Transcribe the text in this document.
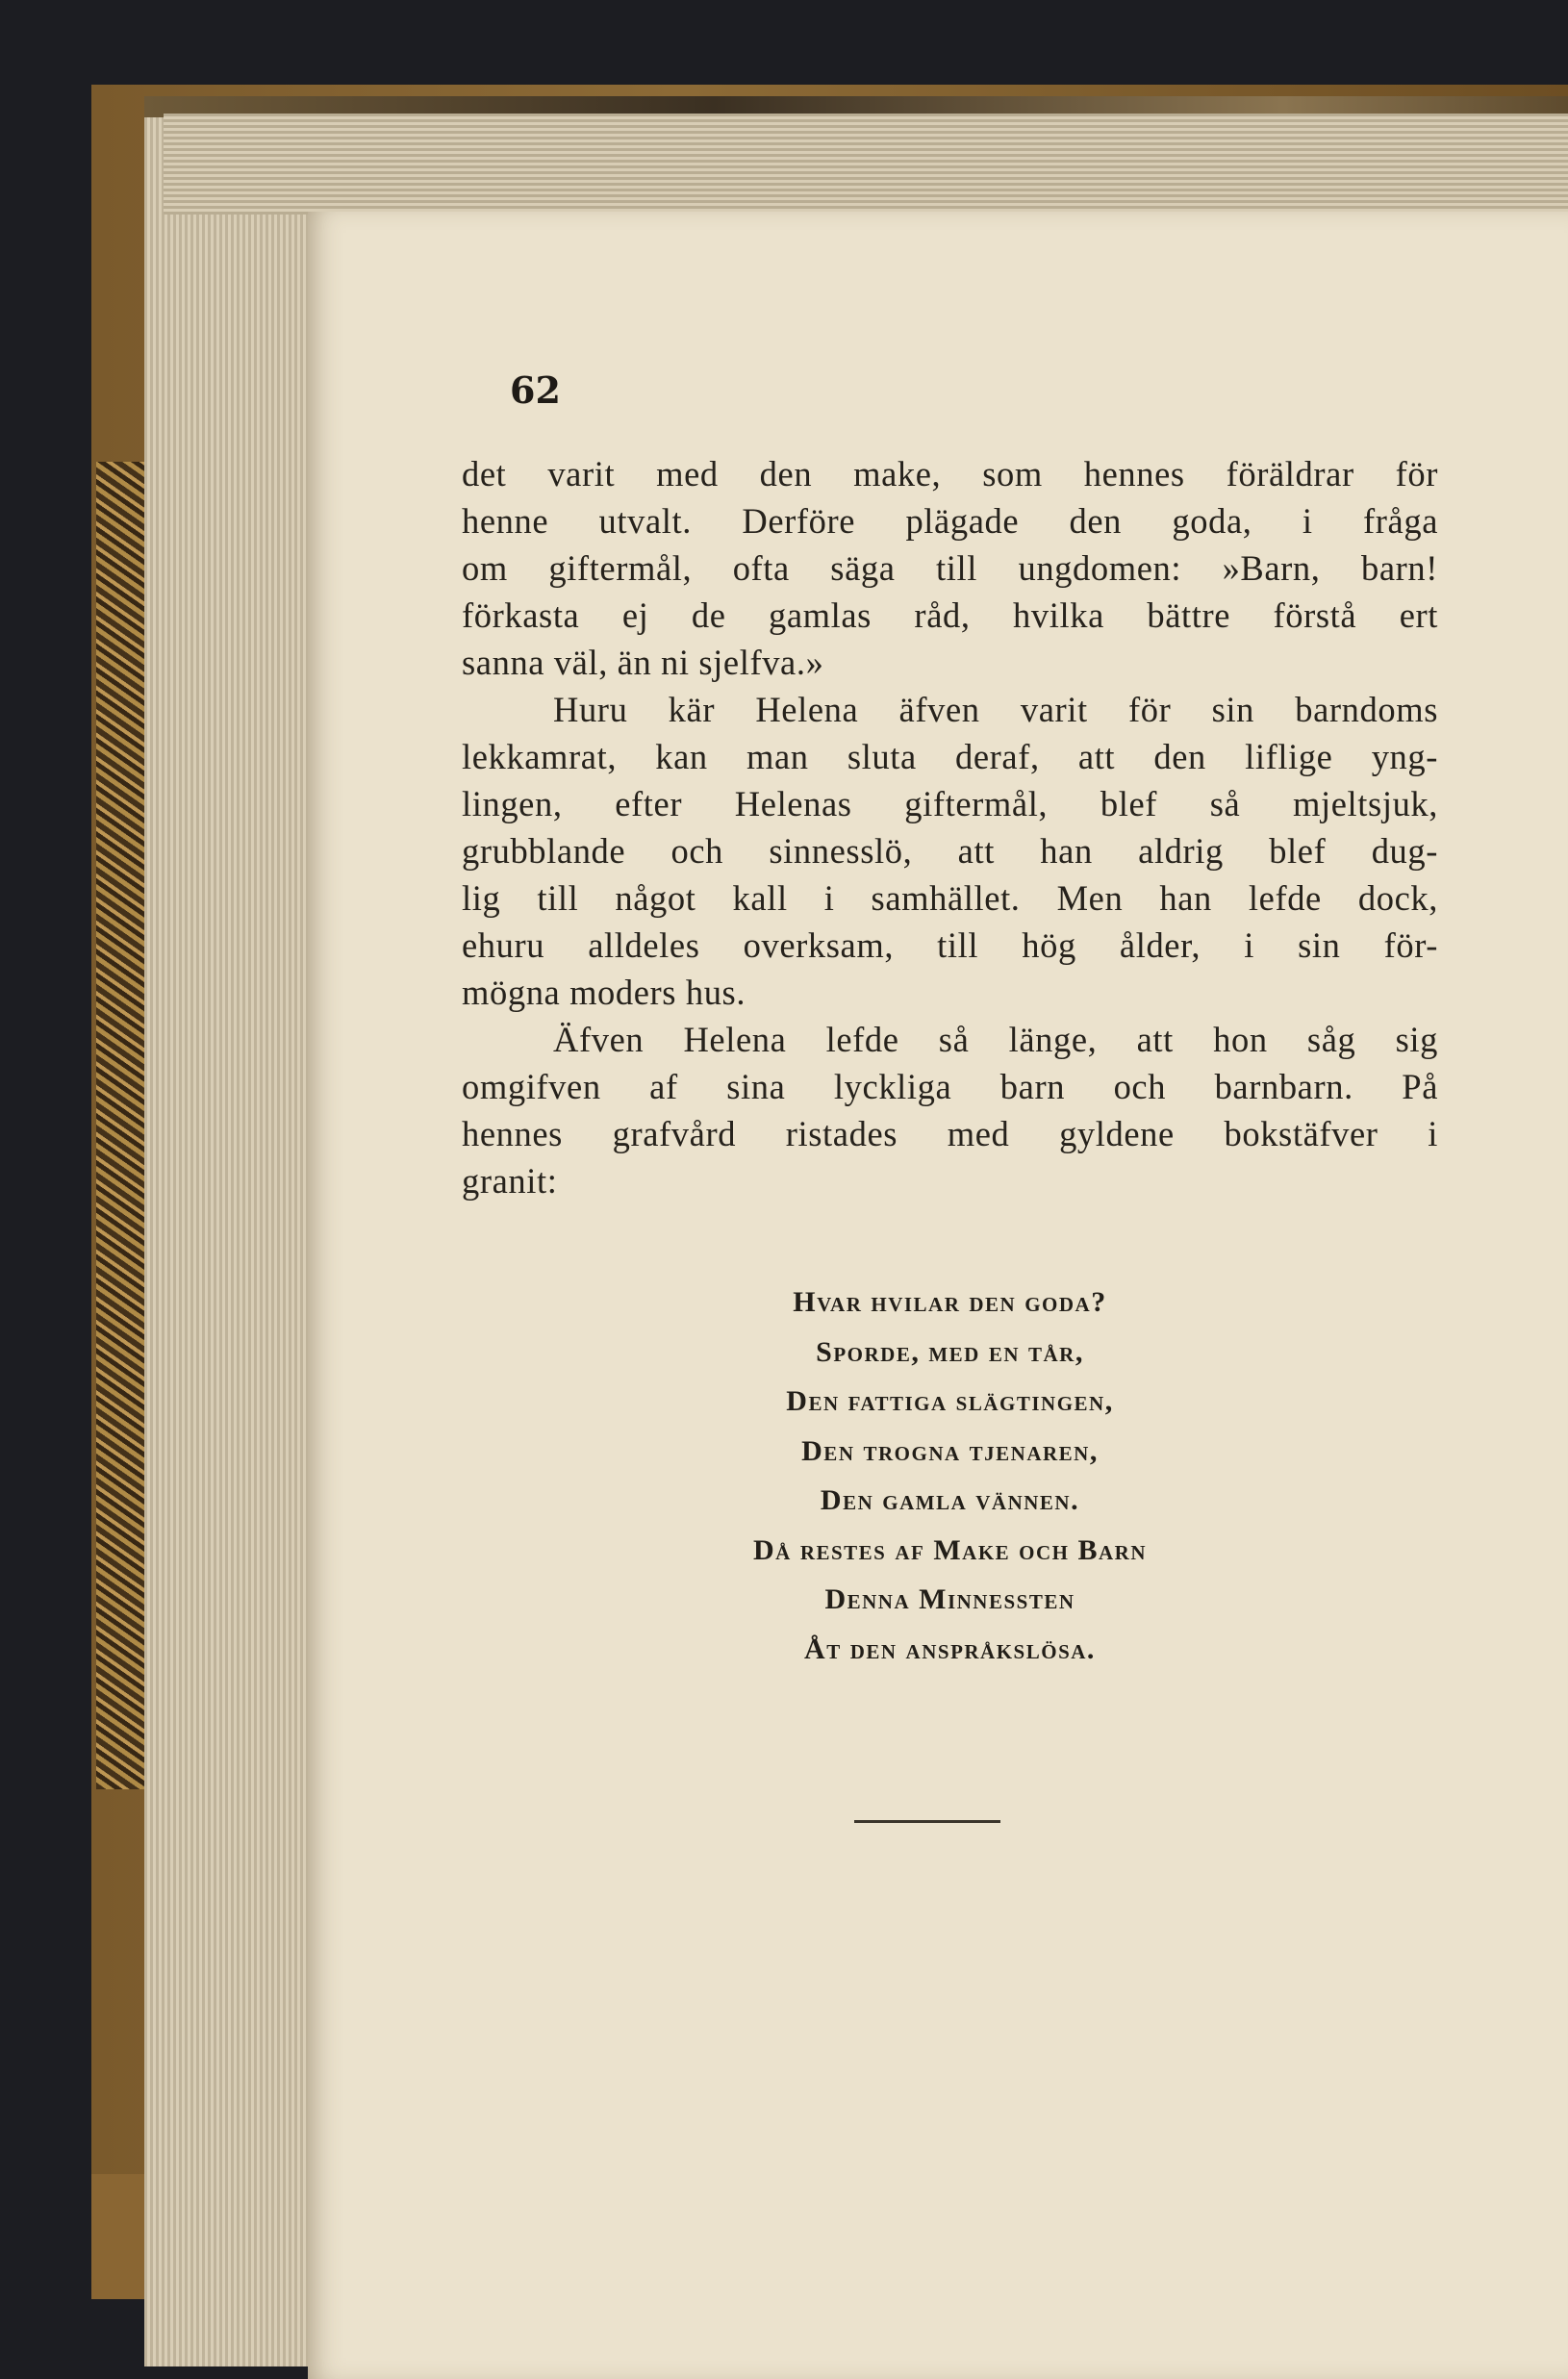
62
det varit med den make, som hennes föräldrar för
henne utvalt. Derföre plägade den goda, i fråga
om giftermål, ofta säga till ungdomen: »Barn, barn!
förkasta ej de gamlas råd, hvilka bättre förstå ert
sanna väl, än ni sjelfva.»
Huru kär Helena äfven varit för sin barndoms
lekkamrat, kan man sluta deraf, att den liflige yng-
lingen, efter Helenas giftermål, blef så mjeltsjuk,
grubblande och sinnesslö, att han aldrig blef dug-
lig till något kall i samhället. Men han lefde dock,
ehuru alldeles overksam, till hög ålder, i sin för-
mögna moders hus.
Äfven Helena lefde så länge, att hon såg sig
omgifven af sina lyckliga barn och barnbarn. På
hennes grafvård ristades med gyldene bokstäfver i
granit:
Hvar hvilar den goda?
Sporde, med en tår,
Den fattiga slägtingen,
Den trogna tjenaren,
Den gamla vännen.
Då restes af Make och Barn
Denna Minnessten
Åt den anspråkslösa.
